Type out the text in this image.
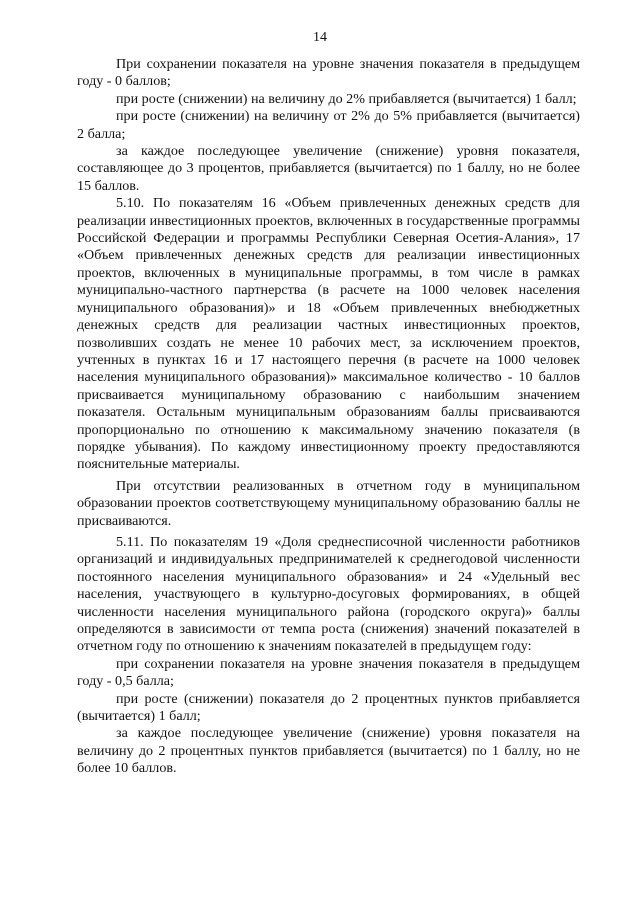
14

При сохранении показателя на уровне значения показателя в предыдущем году - 0 баллов;

при росте (снижении) на величину до 2% прибавляется (вычитается) 1 балл;

при росте (снижении) на величину от 2% до 5% прибавляется (вычитается) 2 балла;

за каждое последующее увеличение (снижение) уровня показателя, составляющее до 3 процентов, прибавляется (вычитается) по 1 баллу, но не более 15 баллов.

5.10. По показателям 16 «Объем привлеченных денежных средств для реализации инвестиционных проектов, включенных в государственные программы Российской Федерации и программы Республики Северная Осетия-Алания», 17 «Объем привлеченных денежных средств для реализации инвестиционных проектов, включенных в муниципальные программы, в том числе в рамках муниципально-частного партнерства (в расчете на 1000 человек населения муниципального образования)» и 18 «Объем привлеченных внебюджетных денежных средств для реализации частных инвестиционных проектов, позволивших создать не менее 10 рабочих мест, за исключением проектов, учтенных в пунктах 16 и 17 настоящего перечня (в расчете на 1000 человек населения муниципального образования)» максимальное количество - 10 баллов присваивается муниципальному образованию с наибольшим значением показателя. Остальным муниципальным образованиям баллы присваиваются пропорционально по отношению к максимальному значению показателя (в порядке убывания). По каждому инвестиционному проекту предоставляются пояснительные материалы.

При отсутствии реализованных в отчетном году в муниципальном образовании проектов соответствующему муниципальному образованию баллы не присваиваются.

5.11. По показателям 19 «Доля среднесписочной численности работников организаций и индивидуальных предпринимателей к среднегодовой численности постоянного населения муниципального образования» и 24 «Удельный вес населения, участвующего в культурно-досуговых формированиях, в общей численности населения муниципального района (городского округа)» баллы определяются в зависимости от темпа роста (снижения) значений показателей в отчетном году по отношению к значениям показателей в предыдущем году:

при сохранении показателя на уровне значения показателя в предыдущем году - 0,5 балла;

при росте (снижении) показателя до 2 процентных пунктов прибавляется (вычитается) 1 балл;

за каждое последующее увеличение (снижение) уровня показателя на величину до 2 процентных пунктов прибавляется (вычитается) по 1 баллу, но не более 10 баллов.
